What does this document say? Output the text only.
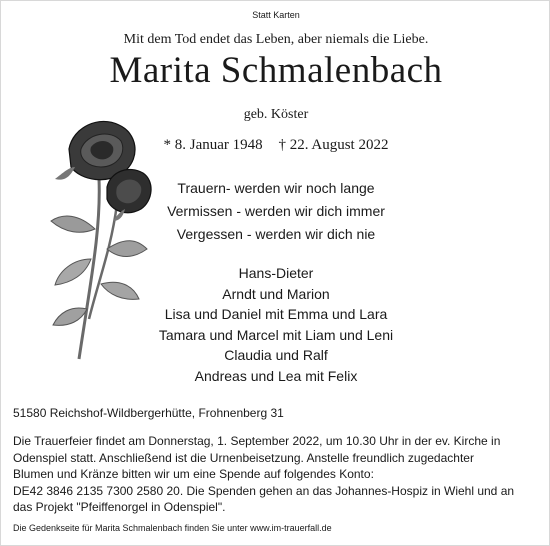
Statt Karten
Mit dem Tod endet das Leben, aber niemals die Liebe.
Marita Schmalenbach
geb. Köster
* 8. Januar 1948 † 22. August 2022
Trauern- werden wir noch lange
Vermissen - werden wir dich immer
Vergessen - werden wir dich nie
Hans-Dieter
Arndt und Marion
Lisa und Daniel mit Emma und Lara
Tamara und Marcel mit Liam und Leni
Claudia und Ralf
Andreas und Lea mit Felix
51580 Reichshof-Wildbergerhütte, Frohnenberg 31
Die Trauerfeier findet am Donnerstag, 1. September 2022, um 10.30 Uhr in der ev. Kirche in
Odenspiel statt. Anschließend ist die Urnenbeisetzung. Anstelle freundlich zugedachter
Blumen und Kränze bitten wir um eine Spende auf folgendes Konto:
DE42 3846 2135 7300 2580 20. Die Spenden gehen an das Johannes-Hospiz in Wiehl und an
das Projekt "Pfeiffenorgel in Odenspiel".
Die Gedenkseite für Marita Schmalenbach finden Sie unter www.im-trauerfall.de
